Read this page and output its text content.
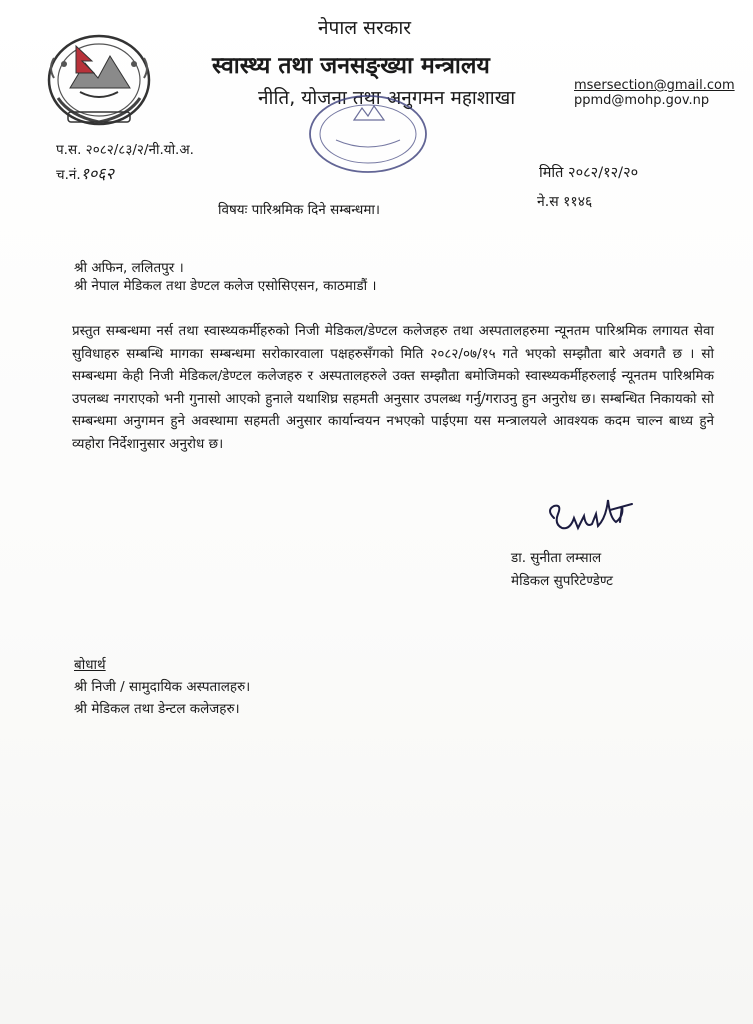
नेपाल सरकार
स्वास्थ्य तथा जनसङ्ख्या मन्त्रालय
नीति, योजना तथा अनुगमन महाशाखा
msersection@gmail.com
ppmd@mohp.gov.np
प.स. २०८२/८३/२/नी.यो.अ.
च.नं.१०६२	मिति २०८२/१२/२०
ने.स ११४६
विषयः पारिश्रमिक दिने सम्बन्धमा।
श्री अफिन, ललितपुर ।
श्री नेपाल मेडिकल तथा डेण्टल कलेज एसोसिएसन, काठमाडौं ।
प्रस्तुत सम्बन्धमा नर्स तथा स्वास्थ्यकर्मीहरुको निजी मेडिकल/डेण्टल कलेजहरु तथा अस्पतालहरुमा न्यूनतम पारिश्रमिक लगायत सेवा सुविधाहरु सम्बन्धि मागका सम्बन्धमा सरोकारवाला पक्षहरुसँगको मिति २०८२/०७/१५ गते भएको सम्झौता बारे अवगतै छ । सो सम्बन्धमा केही निजी मेडिकल/डेण्टल कलेजहरु र अस्पतालहरुले उक्त सम्झौता बमोजिमको स्वास्थ्यकर्मीहरुलाई न्यूनतम पारिश्रमिक उपलब्ध नगराएको भनी गुनासो आएको हुनाले यथाशिघ्र सहमती अनुसार उपलब्ध गर्नु/गराउनु हुन अनुरोध छ। सम्बन्धित निकायको सो सम्बन्धमा अनुगमन हुने अवस्थामा सहमती अनुसार कार्यान्वयन नभएको पाईएमा यस मन्त्रालयले आवश्यक कदम चाल्न बाध्य हुने व्यहोरा निर्देशानुसार अनुरोध छ।
डा. सुनीता लम्साल
मेडिकल सुपरिटेण्डेण्ट
बोधार्थ
श्री निजी / सामुदायिक अस्पतालहरु।
श्री मेडिकल तथा डेन्टल कलेजहरु।
